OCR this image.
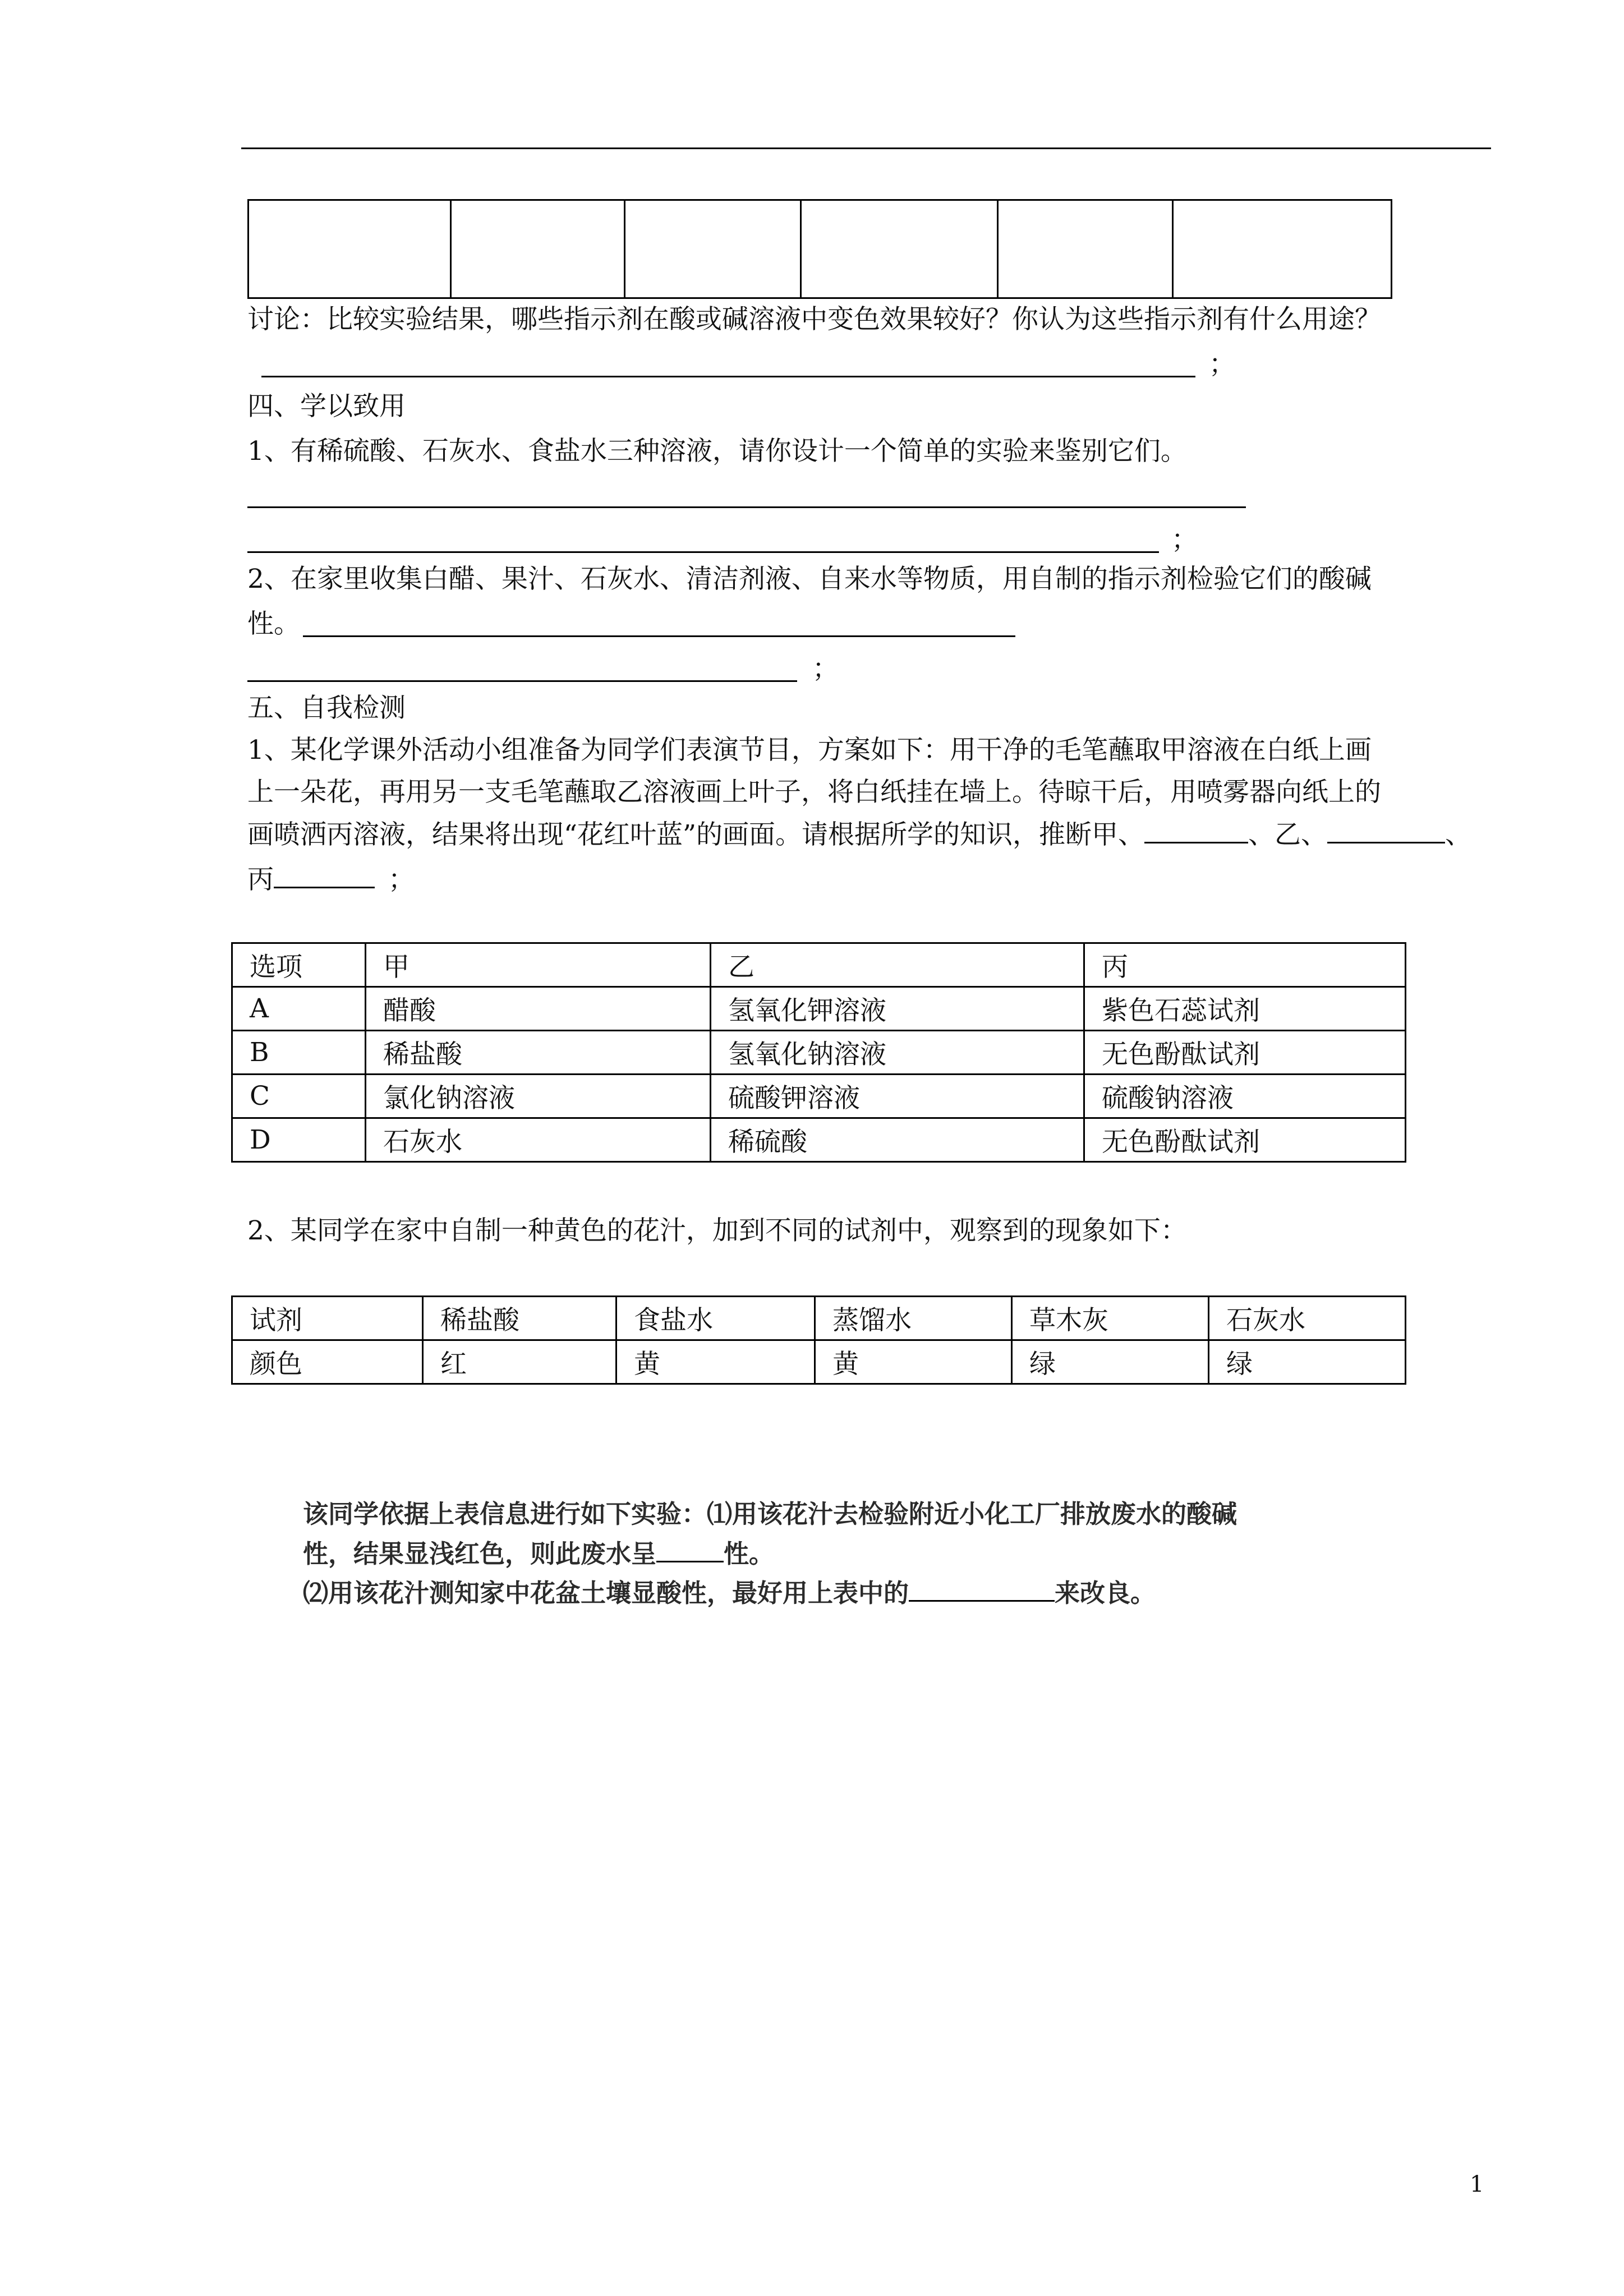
讨论：比较实验结果，哪些指示剂在酸或碱溶液中变色效果较好？你认为这些指示剂有什么用途？
；
四、学以致用
1、有稀硫酸、石灰水、食盐水三种溶液，请你设计一个简单的实验来鉴别它们。
；
2、在家里收集白醋、果汁、石灰水、清洁剂液、自来水等物质，用自制的指示剂检验它们的酸碱
性。
；
五、自我检测
1、某化学课外活动小组准备为同学们表演节目，方案如下：用干净的毛笔蘸取甲溶液在白纸上画
上一朵花，再用另一支毛笔蘸取乙溶液画上叶子，将白纸挂在墙上。待晾干后，用喷雾器向纸上的
画喷洒丙溶液，结果将出现“花红叶蓝”的画面。请根据所学的知识，推断甲、	、乙、	、
丙	；
选项	甲	乙	丙
A	醋酸	氢氧化钾溶液	紫色石蕊试剂
B	稀盐酸	氢氧化钠溶液	无色酚酞试剂
C	氯化钠溶液	硫酸钾溶液	硫酸钠溶液
D	石灰水	稀硫酸	无色酚酞试剂
2、某同学在家中自制一种黄色的花汁，加到不同的试剂中，观察到的现象如下：
试剂	稀盐酸	食盐水	蒸馏水	草木灰	石灰水
颜色	红	黄	黄	绿	绿
该同学依据上表信息进行如下实验：⑴用该花汁去检验附近小化工厂排放废水的酸碱
性，结果显浅红色，则此废水呈	性。
⑵用该花汁测知家中花盆土壤显酸性，最好用上表中的	来改良。
1
